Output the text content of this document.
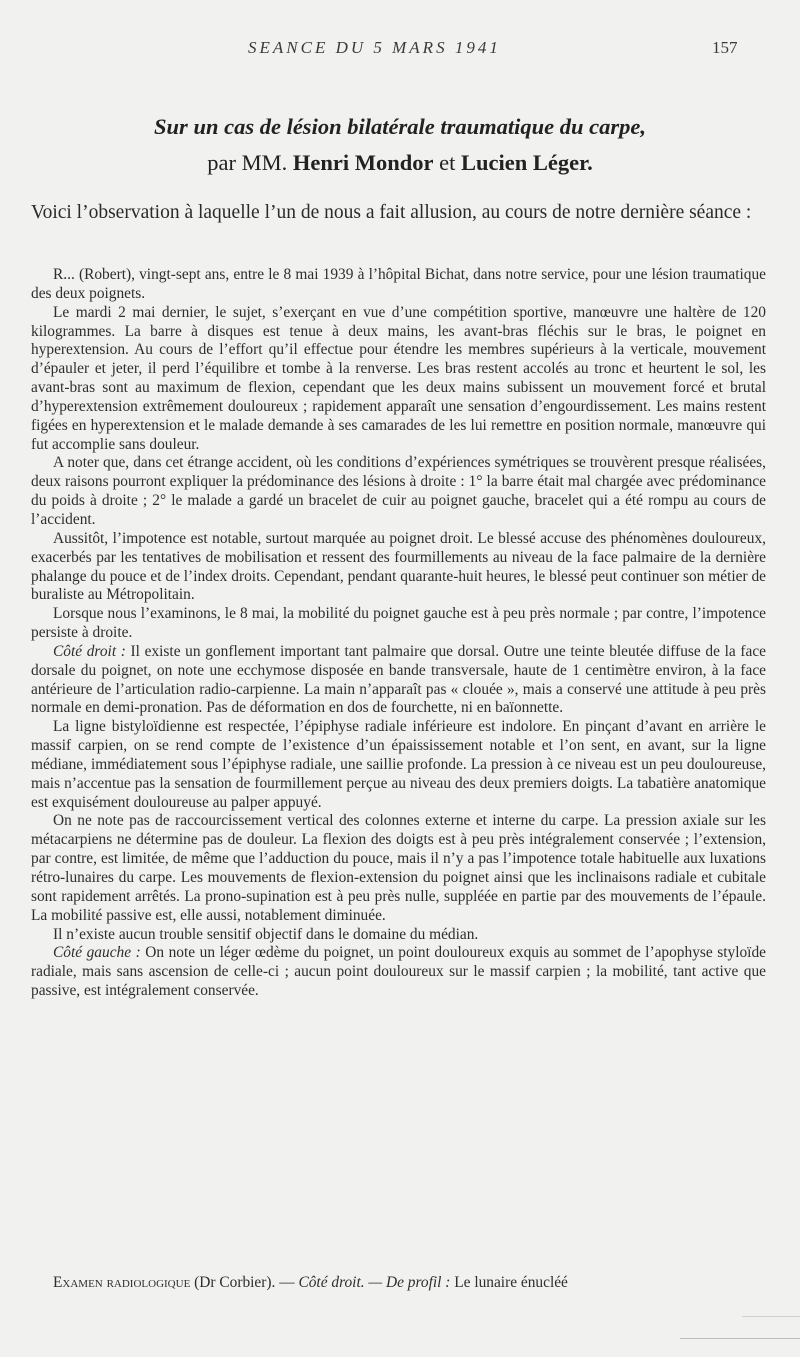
SEANCE DU 5 MARS 1941	157
Sur un cas de lésion bilatérale traumatique du carpe,
par MM. Henri Mondor et Lucien Léger.
Voici l’observation à laquelle l’un de nous a fait allusion, au cours de notre dernière séance :

R... (Robert), vingt-sept ans, entre le 8 mai 1939 à l’hôpital Bichat, dans notre service, pour une lésion traumatique des deux poignets.

Le mardi 2 mai dernier, le sujet, s’exerçant en vue d’une compétition sportive, manœuvre une haltère de 120 kilogrammes. La barre à disques est tenue à deux mains, les avant-bras fléchis sur le bras, le poignet en hyperextension. Au cours de l’effort qu’il effectue pour étendre les membres supérieurs à la verticale, mouvement d’épauler et jeter, il perd l’équilibre et tombe à la renverse. Les bras restent accolés au tronc et heurtent le sol, les avant-bras sont au maximum de flexion, cependant que les deux mains subissent un mouvement forcé et brutal d’hyperextension extrêmement douloureux ; rapidement apparaît une sensation d’engourdissement. Les mains restent figées en hyperextension et le malade demande à ses camarades de les lui remettre en position normale, manœuvre qui fut accomplie sans douleur.

A noter que, dans cet étrange accident, où les conditions d’expériences symétriques se trouvèrent presque réalisées, deux raisons pourront expliquer la prédominance des lésions à droite : 1° la barre était mal chargée avec prédominance du poids à droite ; 2° le malade a gardé un bracelet de cuir au poignet gauche, bracelet qui a été rompu au cours de l’accident.

Aussitôt, l’impotence est notable, surtout marquée au poignet droit. Le blessé accuse des phénomènes douloureux, exacerbés par les tentatives de mobilisation et ressent des fourmillements au niveau de la face palmaire de la dernière phalange du pouce et de l’index droits. Cependant, pendant quarante-huit heures, le blessé peut continuer son métier de buraliste au Métropolitain.

Lorsque nous l’examinons, le 8 mai, la mobilité du poignet gauche est à peu près normale ; par contre, l’impotence persiste à droite.

Côté droit : Il existe un gonflement important tant palmaire que dorsal. Outre une teinte bleutée diffuse de la face dorsale du poignet, on note une ecchymose disposée en bande transversale, haute de 1 centimètre environ, à la face antérieure de l’articulation radio-carpienne. La main n’apparaît pas « clouée », mais a conservé une attitude à peu près normale en demi-pronation. Pas de déformation en dos de fourchette, ni en baïonnette.

La ligne bistyloïdienne est respectée, l’épiphyse radiale inférieure est indolore. En pinçant d’avant en arrière le massif carpien, on se rend compte de l’existence d’un épaississement notable et l’on sent, en avant, sur la ligne médiane, immédiatement sous l’épiphyse radiale, une saillie profonde. La pression à ce niveau est un peu douloureuse, mais n’accentue pas la sensation de fourmillement perçue au niveau des deux premiers doigts. La tabatière anatomique est exquisément douloureuse au palper appuyé.

On ne note pas de raccourcissement vertical des colonnes externe et interne du carpe. La pression axiale sur les métacarpiens ne détermine pas de douleur. La flexion des doigts est à peu près intégralement conservée ; l’extension, par contre, est limitée, de même que l’adduction du pouce, mais il n’y a pas l’impotence totale habituelle aux luxations rétro-lunaires du carpe. Les mouvements de flexion-extension du poignet ainsi que les inclinaisons radiale et cubitale sont rapidement arrêtés. La prono-supination est à peu près nulle, suppléée en partie par des mouvements de l’épaule. La mobilité passive est, elle aussi, notablement diminuée.

Il n’existe aucun trouble sensitif objectif dans le domaine du médian.

Côté gauche : On note un léger œdème du poignet, un point douloureux exquis au sommet de l’apophyse styloïde radiale, mais sans ascension de celle-ci ; aucun point douloureux sur le massif carpien ; la mobilité, tant active que passive, est intégralement conservée.

Examen radiologique (Dr Corbier). — Côté droit. — De profil : Le lunaire énucléé
